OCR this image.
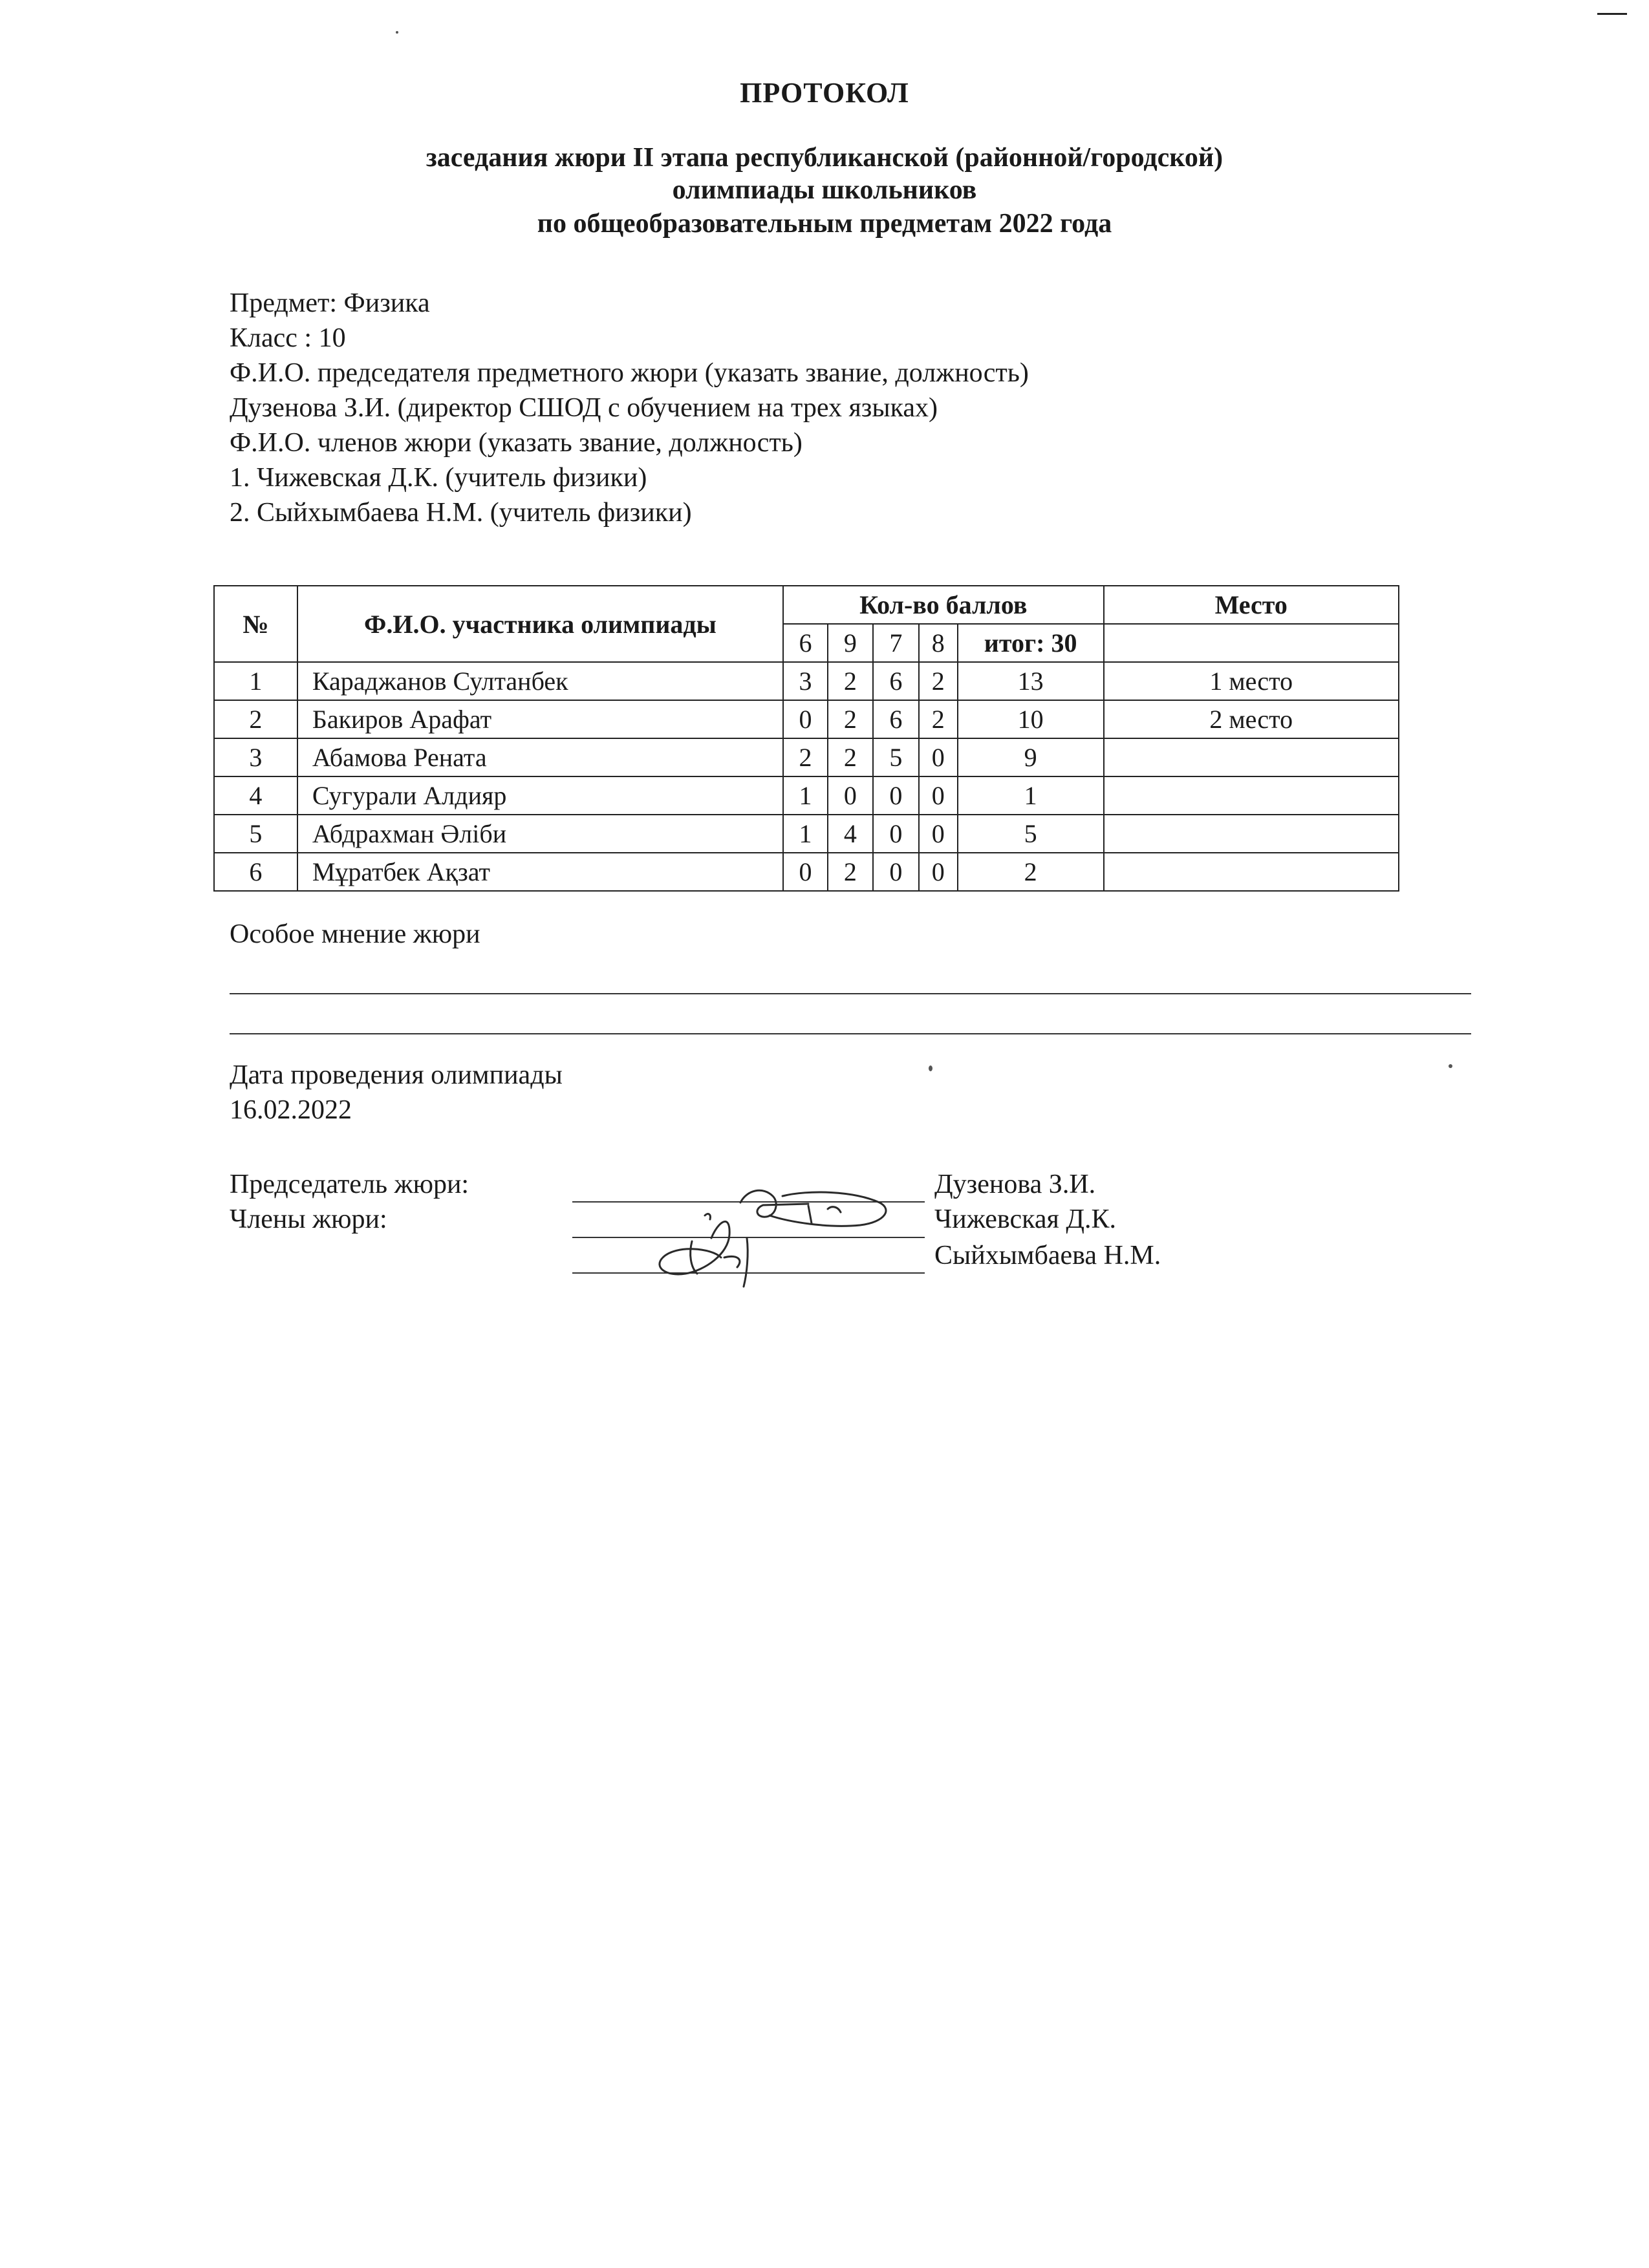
ПРОТОКОЛ
заседания жюри II этапа республиканской (районной/городской)
олимпиады школьников
по общеобразовательным предметам 2022 года
Предмет: Физика
Класс : 10
Ф.И.О. председателя предметного жюри (указать звание, должность)
Дузенова З.И. (директор СШОД с обучением на трех языках)
Ф.И.О. членов жюри (указать звание, должность)
1. Чижевская Д.К. (учитель физики)
2. Сыйхымбаева Н.М. (учитель физики)
№	Ф.И.О. участника олимпиады	Кол-во баллов					Место
		6	9	7	8	итог: 30	
1	Караджанов Султанбек	3	2	6	2	13	1 место
2	Бакиров Арафат	0	2	6	2	10	2 место
3	Абамова Рената	2	2	5	0	9	
4	Сугурали Алдияр	1	0	0	0	1	
5	Абдрахман Әліби	1	4	0	0	5	
6	Мұратбек Ақзат	0	2	0	0	2	
Особое мнение жюри
Дата проведения олимпиады
16.02.2022
Председатель жюри:
Члены жюри:
Дузенова З.И.
Чижевская Д.К.
Сыйхымбаева Н.М.
